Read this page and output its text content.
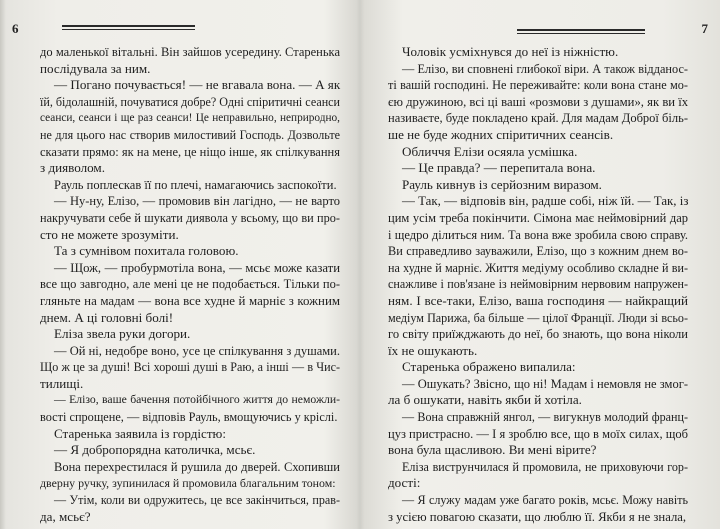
6
до маленької вітальні. Він зайшов усередину. Старенька
послідувала за ним.
— Погано почувається! — не вгавала вона. — А як
їй, бідолашній, почуватися добре? Одні спіритичні сеанси
сеанси, сеанси і ще раз сеанси! Це неправильно, неприродно,
не для цього нас створив милостивий Господь. Дозвольте
сказати прямо: як на мене, це ніщо інше, як спілкування
з дияволом.
Рауль поплескав її по плечі, намагаючись заспокоїти.
— Ну-ну, Елізо, — промовив він лагідно, — не варто
накручувати себе й шукати диявола у всьому, що ви про-
сто не можете зрозуміти.
Та з сумнівом похитала головою.
— Щож, — пробурмотіла вона, — мсьє може казати
все що завгодно, але мені це не подобається. Тільки по-
гляньте на мадам — вона все худне й марніє з кожним
днем. А ці головні болі!
Еліза звела руки догори.
— Ой ні, недобре воно, усе це спілкування з душами.
Що ж це за душі! Всі хороші душі в Раю, а інші — в Чис-
тилищі.
— Елізо, ваше бачення потойбічного життя до неможли-
вості спрощене, — відповів Рауль, вмощуючись у кріслі.
Старенька заявила із гордістю:
— Я добропорядна католичка, мсьє.
Вона перехрестилася й рушила до дверей. Схопивши
дверну ручку, зупинилася й промовила благальним тоном:
— Утім, коли ви одружитесь, це все закінчиться, прав-
да, мсьє?
7
Чоловік усміхнувся до неї із ніжністю.
— Елізо, ви сповнені глибокої віри. А також відданос-
ті вашій господині. Не переживайте: коли вона стане мо-
єю дружиною, всі ці ваші «розмови з душами», як ви їх
називаєте, буде покладено край. Для мадам Доброї біль-
ше не буде жодних спіритичних сеансів.
Обличчя Елізи осяяла усмішка.
— Це правда? — перепитала вона.
Рауль кивнув із серйозним виразом.
— Так, — відповів він, радше собі, ніж їй. — Так, із
цим усім треба покінчити. Сімона має неймовірний дар
і щедро ділиться ним. Та вона вже зробила свою справу.
Ви справедливо зауважили, Елізо, що з кожним днем во-
на худне й марніє. Життя медіуму особливо складне й ви-
снажливе і пов'язане із неймовірним нервовим напружен-
ням. І все-таки, Елізо, ваша господиня — найкращий
медіум Парижа, ба більше — цілої Франції. Люди зі всьо-
го світу приїжджають до неї, бо знають, що вона ніколи
їх не ошукають.
Старенька ображено випалила:
— Ошукать? Звісно, що ні! Мадам і немовля не змог-
ла б ошукати, навіть якби й хотіла.
— Вона справжній янгол, — вигукнув молодий франц-
цуз пристрасно. — І я зроблю все, що в моїх силах, щоб
вона була щасливою. Ви мені вірите?
Еліза виструнчилася й промовила, не приховуючи гор-
дості:
— Я служу мадам уже багато років, мсьє. Можу навіть
з усією повагою сказати, що люблю її. Якби я не знала,
